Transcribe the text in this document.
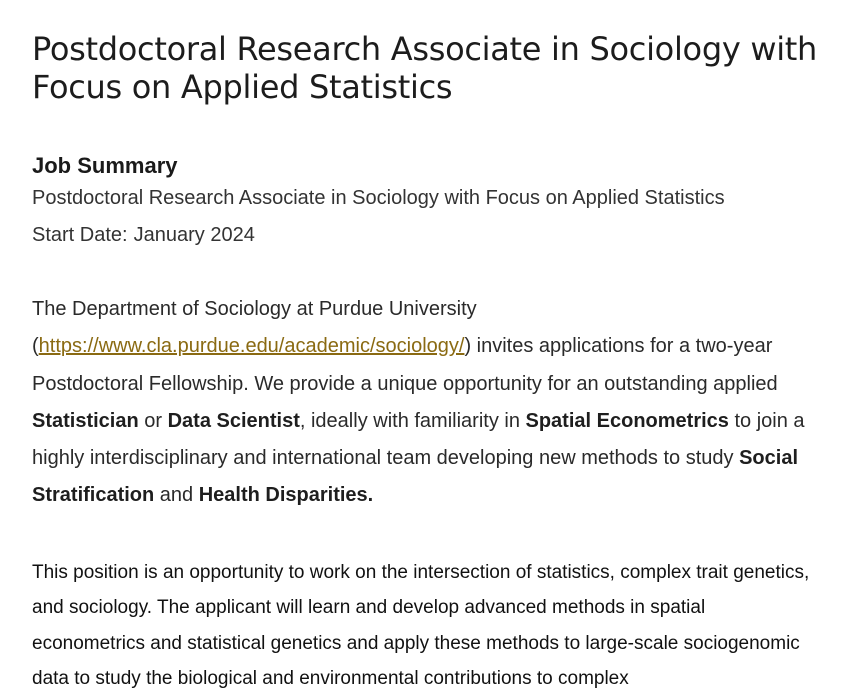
Postdoctoral Research Associate in Sociology with Focus on Applied Statistics
Job Summary
Postdoctoral Research Associate in Sociology with Focus on Applied Statistics
Start Date: January 2024

The Department of Sociology at Purdue University (https://www.cla.purdue.edu/academic/sociology/) invites applications for a two-year Postdoctoral Fellowship. We provide a unique opportunity for an outstanding applied Statistician or Data Scientist, ideally with familiarity in Spatial Econometrics to join a highly interdisciplinary and international team developing new methods to study Social Stratification and Health Disparities.

This position is an opportunity to work on the intersection of statistics, complex trait genetics, and sociology. The applicant will learn and develop advanced methods in spatial econometrics and statistical genetics and apply these methods to large-scale sociogenomic data to study the biological and environmental contributions to complex
